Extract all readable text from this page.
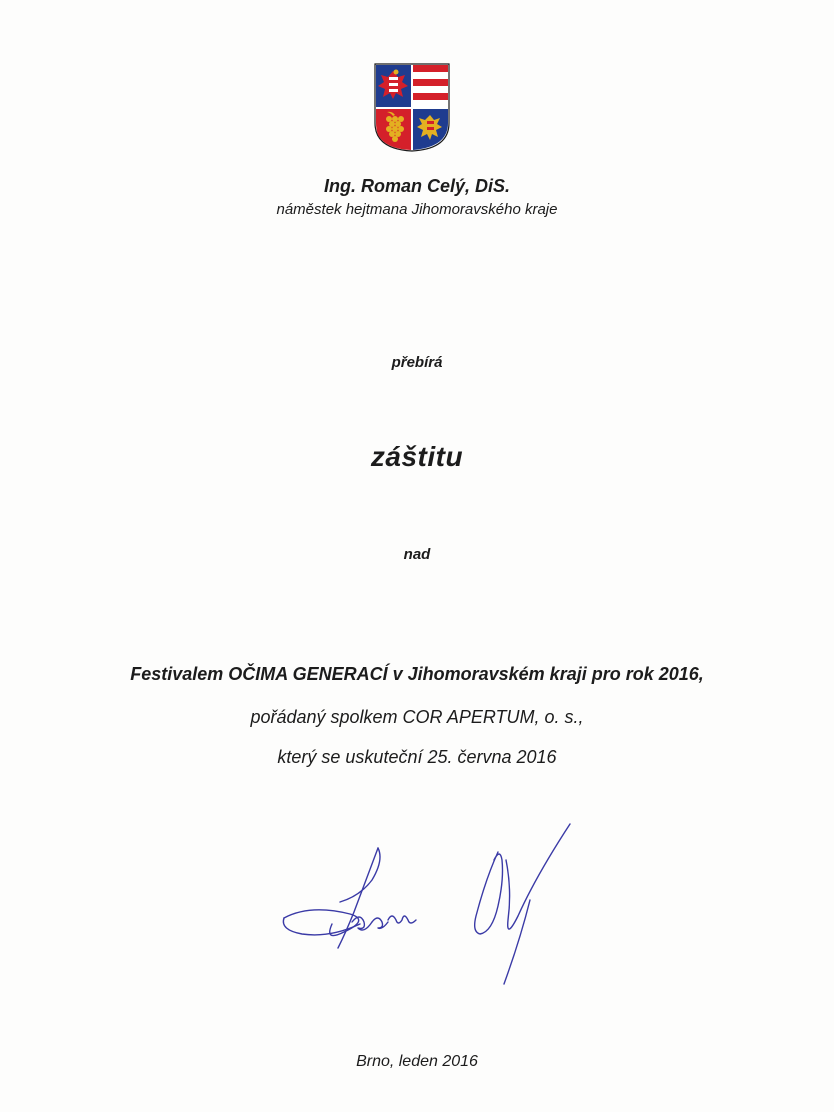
Ing. Roman Celý, DiS.
náměstek hejtmana Jihomoravského kraje
přebírá
záštitu
nad
Festivalem OČIMA GENERACÍ v Jihomoravském kraji pro rok 2016,
pořádaný spolkem COR APERTUM, o. s.,
který se uskuteční 25. června 2016
Brno, leden 2016
